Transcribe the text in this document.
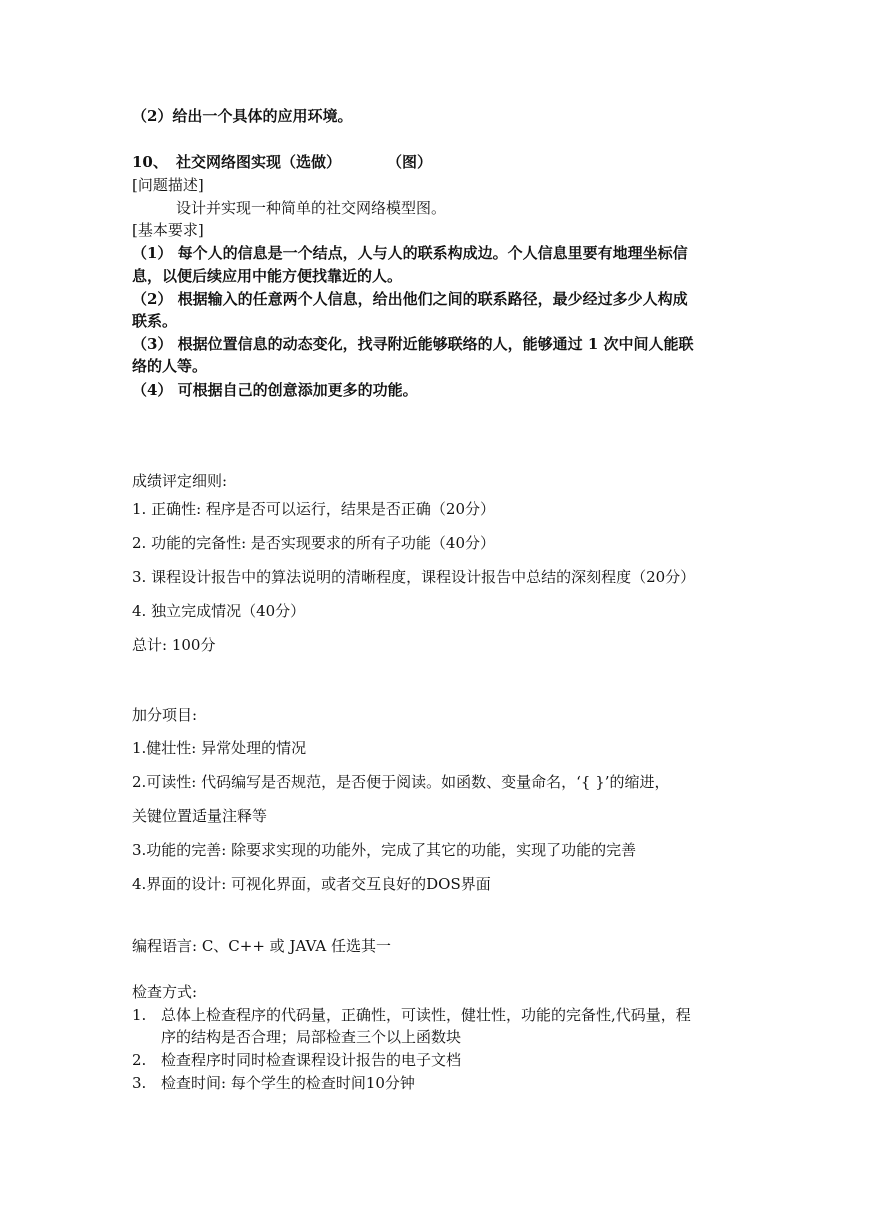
（2）给出一个具体的应用环境。
10、 社交网络图实现（选做）	（图）
[问题描述]
设计并实现一种简单的社交网络模型图。
[基本要求]
（1） 每个人的信息是一个结点，人与人的联系构成边。个人信息里要有地理坐标信
息，以便后续应用中能方便找靠近的人。
（2） 根据输入的任意两个人信息，给出他们之间的联系路径，最少经过多少人构成
联系。
（3） 根据位置信息的动态变化，找寻附近能够联络的人，能够通过 1 次中间人能联
络的人等。
（4） 可根据自己的创意添加更多的功能。
成绩评定细则:
1. 正确性: 程序是否可以运行，结果是否正确（20分）
2. 功能的完备性: 是否实现要求的所有子功能（40分）
3. 课程设计报告中的算法说明的清晰程度，课程设计报告中总结的深刻程度（20分）
4. 独立完成情况（40分）
总计: 100分
加分项目:
1.健壮性: 异常处理的情况
2.可读性: 代码编写是否规范，是否便于阅读。如函数、变量命名，‘{ }’的缩进，
关键位置适量注释等
3.功能的完善: 除要求实现的功能外，完成了其它的功能，实现了功能的完善
4.界面的设计: 可视化界面，或者交互良好的DOS界面
编程语言: C、C++ 或 JAVA 任选其一
检查方式:
1. 总体上检查程序的代码量，正确性，可读性，健壮性，功能的完备性,代码量，程
序的结构是否合理；局部检查三个以上函数块
2. 检查程序时同时检查课程设计报告的电子文档
3. 检查时间: 每个学生的检查时间10分钟
